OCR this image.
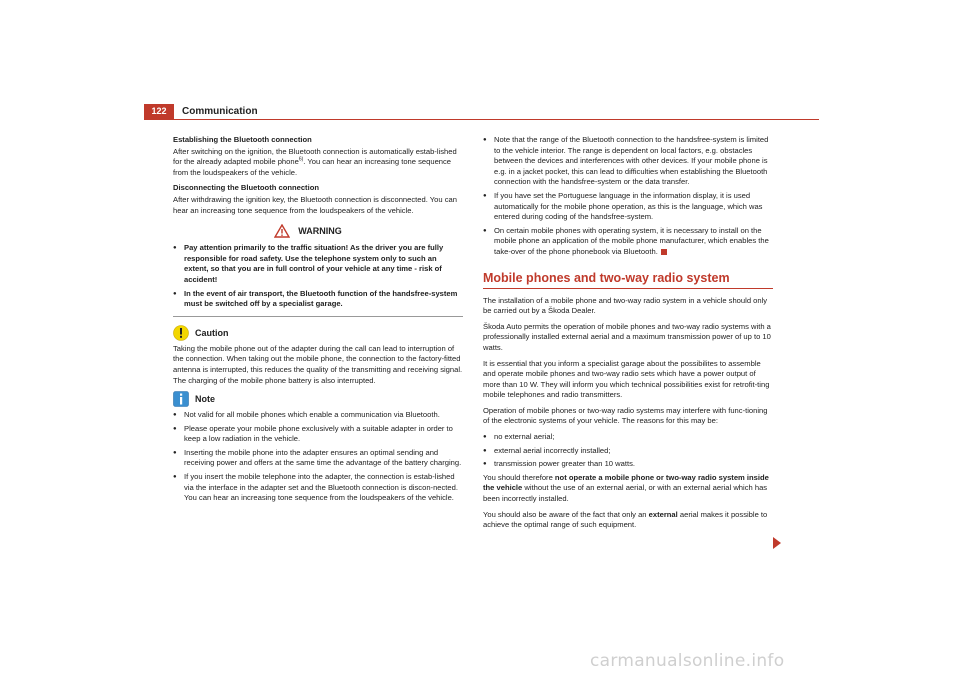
122	Communication

Establishing the Bluetooth connection

After switching on the ignition, the Bluetooth connection is automatically estab-lished for the already adapted mobile phone$^{6)}$. You can hear an increasing tone sequence from the loudspeakers of the vehicle.

Disconnecting the Bluetooth connection

After withdrawing the ignition key, the Bluetooth connection is disconnected. You can hear an increasing tone sequence from the loudspeakers of the vehicle.

WARNING

● Pay attention primarily to the traffic situation! As the driver you are fully responsible for road safety. Use the telephone system only to such an extent, so that you are in full control of your vehicle at any time - risk of accident!

● In the event of air transport, the Bluetooth function of the handsfree-system must be switched off by a specialist garage.

Caution

Taking the mobile phone out of the adapter during the call can lead to interruption of the connection. When taking out the mobile phone, the connection to the factory-fitted antenna is interrupted, this reduces the quality of the transmitting and receiving signal. The charging of the mobile phone battery is also interrupted.

Note

● Not valid for all mobile phones which enable a communication via Bluetooth.

● Please operate your mobile phone exclusively with a suitable adapter in order to keep a low radiation in the vehicle.

● Inserting the mobile phone into the adapter ensures an optimal sending and receiving power and offers at the same time the advantage of the battery charging.

● If you insert the mobile telephone into the adapter, the connection is estab-lished via the interface in the adapter set and the Bluetooth connection is discon-nected. You can hear an increasing tone sequence from the loudspeakers of the vehicle.

● Note that the range of the Bluetooth connection to the handsfree-system is limited to the vehicle interior. The range is dependent on local factors, e.g. obstacles between the devices and interferences with other devices. If your mobile phone is e.g. in a jacket pocket, this can lead to difficulties when establishing the Bluetooth connection with the handsfree-system or the data transfer.

● If you have set the Portuguese language in the information display, it is used automatically for the mobile phone operation, as this is the language, which was entered during coding of the handsfree-system.

● On certain mobile phones with operating system, it is necessary to install on the mobile phone an application of the mobile phone manufacturer, which enables the take-over of the phone phonebook via Bluetooth.

Mobile phones and two-way radio system

The installation of a mobile phone and two-way radio system in a vehicle should only be carried out by a Škoda Dealer.

Škoda Auto permits the operation of mobile phones and two-way radio systems with a professionally installed external aerial and a maximum transmission power of up to 10 watts.

It is essential that you inform a specialist garage about the possibilites to assemble and operate mobile phones and two-way radio sets which have a power output of more than 10 W. They will inform you which technical possibilities exist for retrofit-ting mobile telephones and radio transmitters.

Operation of mobile phones or two-way radio systems may interfere with func-tioning of the electronic systems of your vehicle. The reasons for this may be:

● no external aerial;

● external aerial incorrectly installed;

● transmission power greater than 10 watts.

You should therefore not operate a mobile phone or two-way radio system inside the vehicle without the use of an external aerial, or with an external aerial which has been incorrectly installed.

You should also be aware of the fact that only an external aerial makes it possible to achieve the optimal range of such equipment.

carmanualsonline.info
